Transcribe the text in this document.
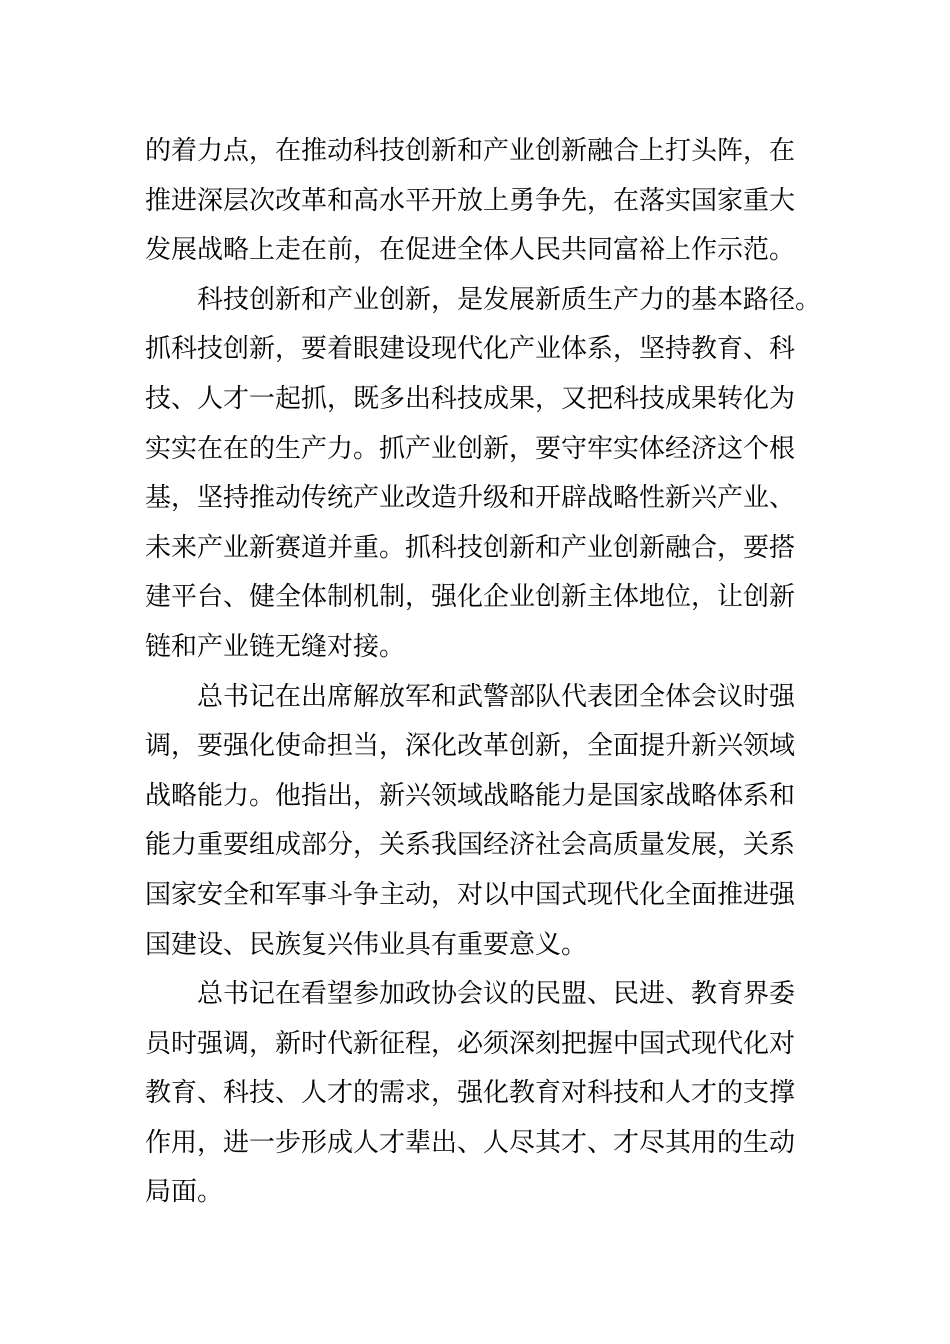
的着力点，在推动科技创新和产业创新融合上打头阵，在
推进深层次改革和高水平开放上勇争先，在落实国家重大
发展战略上走在前，在促进全体人民共同富裕上作示范。

科技创新和产业创新，是发展新质生产力的基本路径。
抓科技创新，要着眼建设现代化产业体系，坚持教育、科
技、人才一起抓，既多出科技成果，又把科技成果转化为
实实在在的生产力。抓产业创新，要守牢实体经济这个根
基，坚持推动传统产业改造升级和开辟战略性新兴产业、
未来产业新赛道并重。抓科技创新和产业创新融合，要搭
建平台、健全体制机制，强化企业创新主体地位，让创新
链和产业链无缝对接。

总书记在出席解放军和武警部队代表团全体会议时强
调，要强化使命担当，深化改革创新，全面提升新兴领域
战略能力。他指出，新兴领域战略能力是国家战略体系和
能力重要组成部分，关系我国经济社会高质量发展，关系
国家安全和军事斗争主动，对以中国式现代化全面推进强
国建设、民族复兴伟业具有重要意义。

总书记在看望参加政协会议的民盟、民进、教育界委
员时强调，新时代新征程，必须深刻把握中国式现代化对
教育、科技、人才的需求，强化教育对科技和人才的支撑
作用，进一步形成人才辈出、人尽其才、才尽其用的生动
局面。
